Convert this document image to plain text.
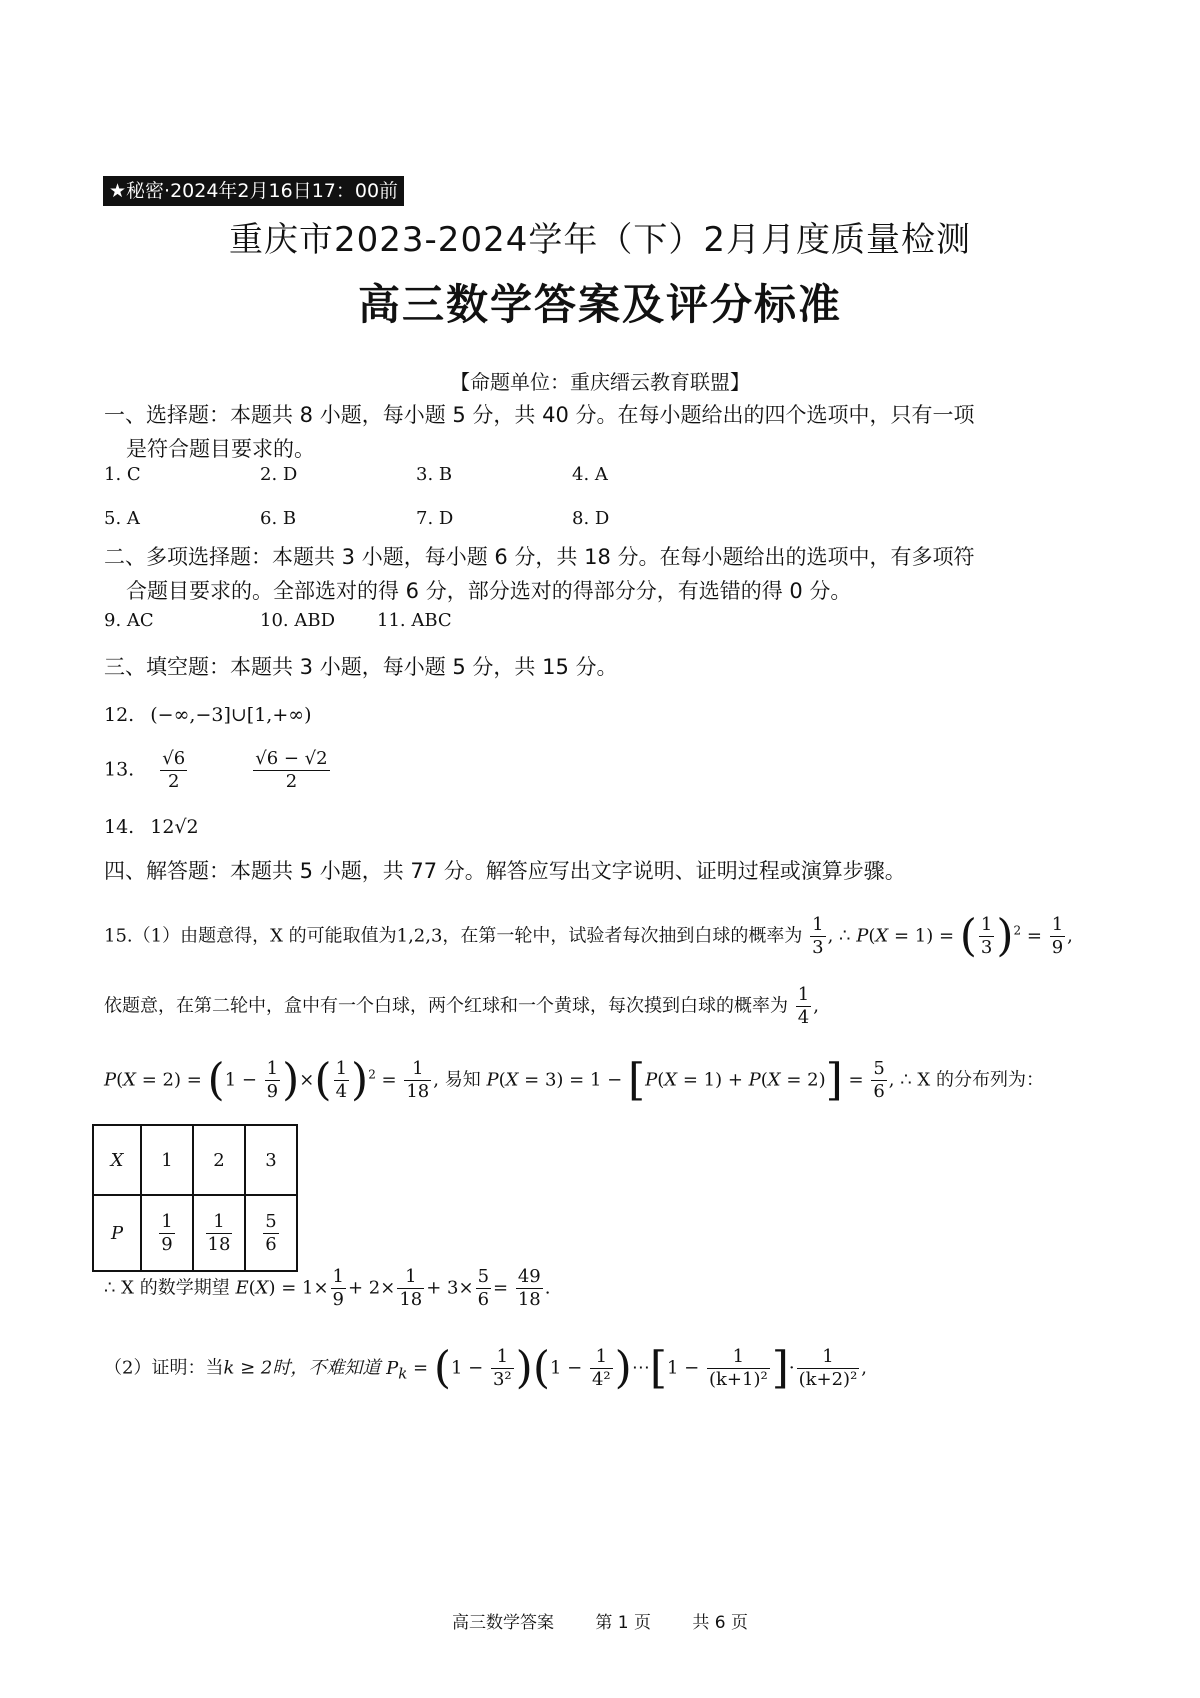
★秘密·2024年2月16日17：00前
重庆市2023-2024学年（下）2月月度质量检测
高三数学答案及评分标准
【命题单位：重庆缙云教育联盟】
一、选择题：本题共 8 小题，每小题 5 分，共 40 分。在每小题给出的四个选项中，只有一项
是符合题目要求的。
1. C	2. D	3. B	4. A
5. A	6. B	7. D	8. D
二、多项选择题：本题共 3 小题，每小题 6 分，共 18 分。在每小题给出的选项中，有多项符
合题目要求的。全部选对的得 6 分，部分选对的得部分分，有选错的得 0 分。
9. AC	10. ABD 11. ABC
三、填空题：本题共 3 小题，每小题 5 分，共 15 分。
12. (−∞,−3]∪[1,+∞)
13. $\frac{√6}{2}$
	$\frac{√6 - √2}{2}$
14. 12√2
四、解答题：本题共 5 小题，共 77 分。解答应写出文字说明、证明过程或演算步骤。
15.（1）由题意得，X 的可能取值为1,2,3，在第一轮中，试验者每次抽到白球的概率为 $\frac{1}{3}$ , ∴ P(X = 1) = ( $\frac{1}{3} )^2 = \frac{1}{9}$ ,
依题意，在第二轮中，盒中有一个白球，两个红球和一个黄球，每次摸到白球的概率为 $\frac{1}{4}$ ,
$P(X = 2) = (1 - \frac{1}{9}$ )×( $\frac{1}{4} )^2 = \frac{1}{18}$ , 易知 $P(X = 3) = 1 - [P(X = 1) + P(X = 2)] = \frac{5}{6}$ , ∴ X 的分布列为：
X	1	2	3
P	$\frac{1}{9}$	$\frac{1}{18}$	$\frac{5}{6}$
∴ X 的数学期望 $E(X) = 1\times \frac{1}{9} + 2\times \frac{1}{18} + 3\times \frac{5}{6} = \frac{49}{18}$ .
（2）证明：当k ≥ 2时，不难知道 $P_k = (1 - \frac{1}{\text{3²}} )(1 - \frac{1}{\text{4²}}$ )⋯[1 − $\frac{1}{\text{(k+1)²}}$ ]· $\frac{1}{\text{(k+2)²}}$ ,
高三数学答案 第 1 页 共 6 页
